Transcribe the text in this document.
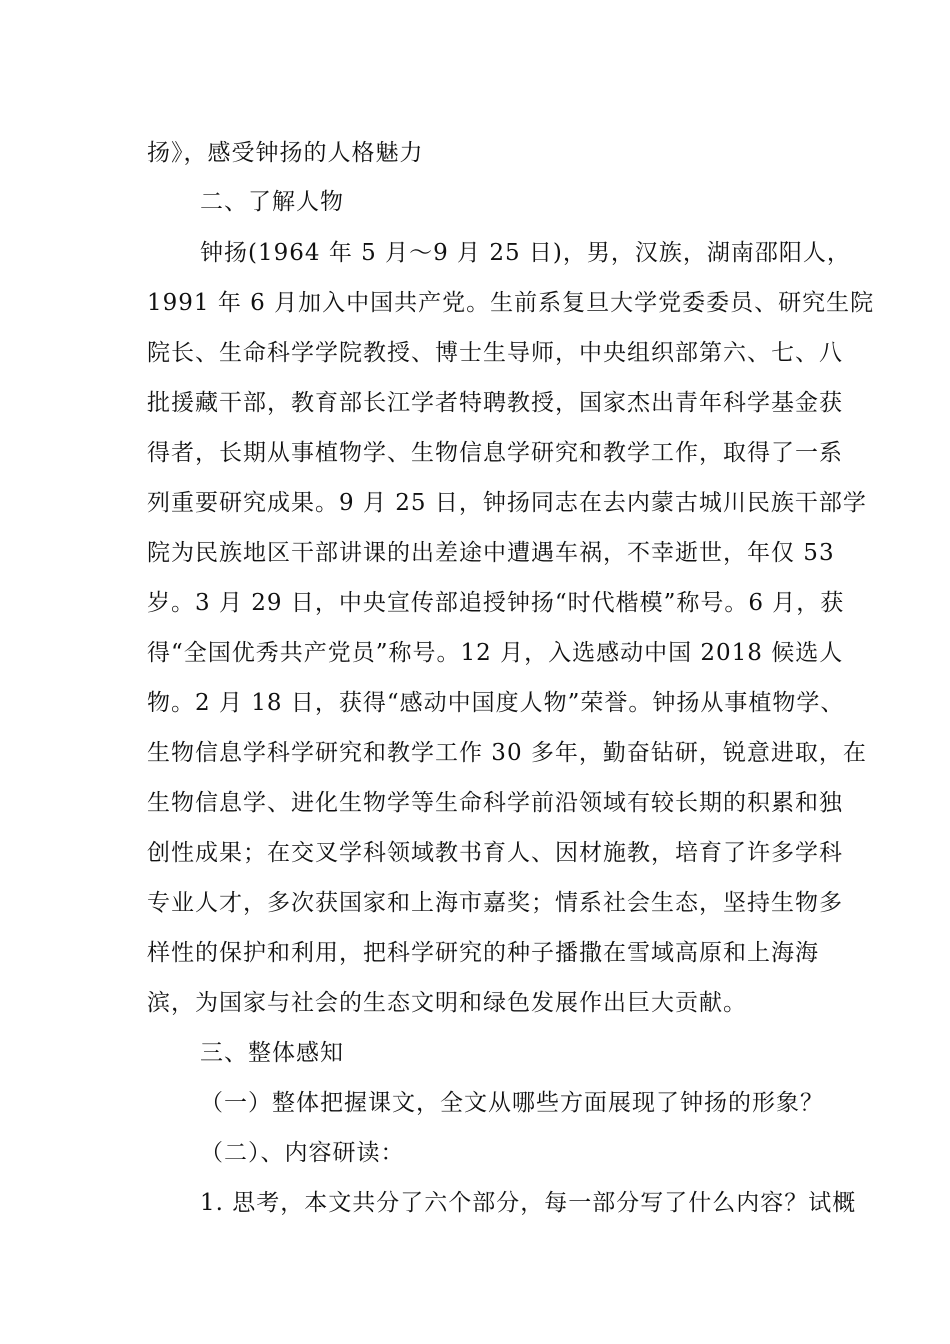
扬》，感受钟扬的人格魅力
二、了解人物
钟扬(1964 年 5 月～9 月 25 日)，男，汉族，湖南邵阳人，
1991 年 6 月加入中国共产党。生前系复旦大学党委委员、研究生院
院长、生命科学学院教授、博士生导师，中央组织部第六、七、八
批援藏干部，教育部长江学者特聘教授，国家杰出青年科学基金获
得者，长期从事植物学、生物信息学研究和教学工作，取得了一系
列重要研究成果。9 月 25 日，钟扬同志在去内蒙古城川民族干部学
院为民族地区干部讲课的出差途中遭遇车祸，不幸逝世，年仅 53
岁。3 月 29 日，中央宣传部追授钟扬“时代楷模”称号。6 月，获
得“全国优秀共产党员”称号。12 月，入选感动中国 2018 候选人
物。2 月 18 日，获得“感动中国度人物”荣誉。钟扬从事植物学、
生物信息学科学研究和教学工作 30 多年，勤奋钻研，锐意进取，在
生物信息学、进化生物学等生命科学前沿领域有较长期的积累和独
创性成果；在交叉学科领域教书育人、因材施教，培育了许多学科
专业人才，多次获国家和上海市嘉奖；情系社会生态，坚持生物多
样性的保护和利用，把科学研究的种子播撒在雪域高原和上海海
滨，为国家与社会的生态文明和绿色发展作出巨大贡献。
三、整体感知
（一）整体把握课文，全文从哪些方面展现了钟扬的形象？
（二）、内容研读：
1. 思考，本文共分了六个部分，每一部分写了什么内容？试概
